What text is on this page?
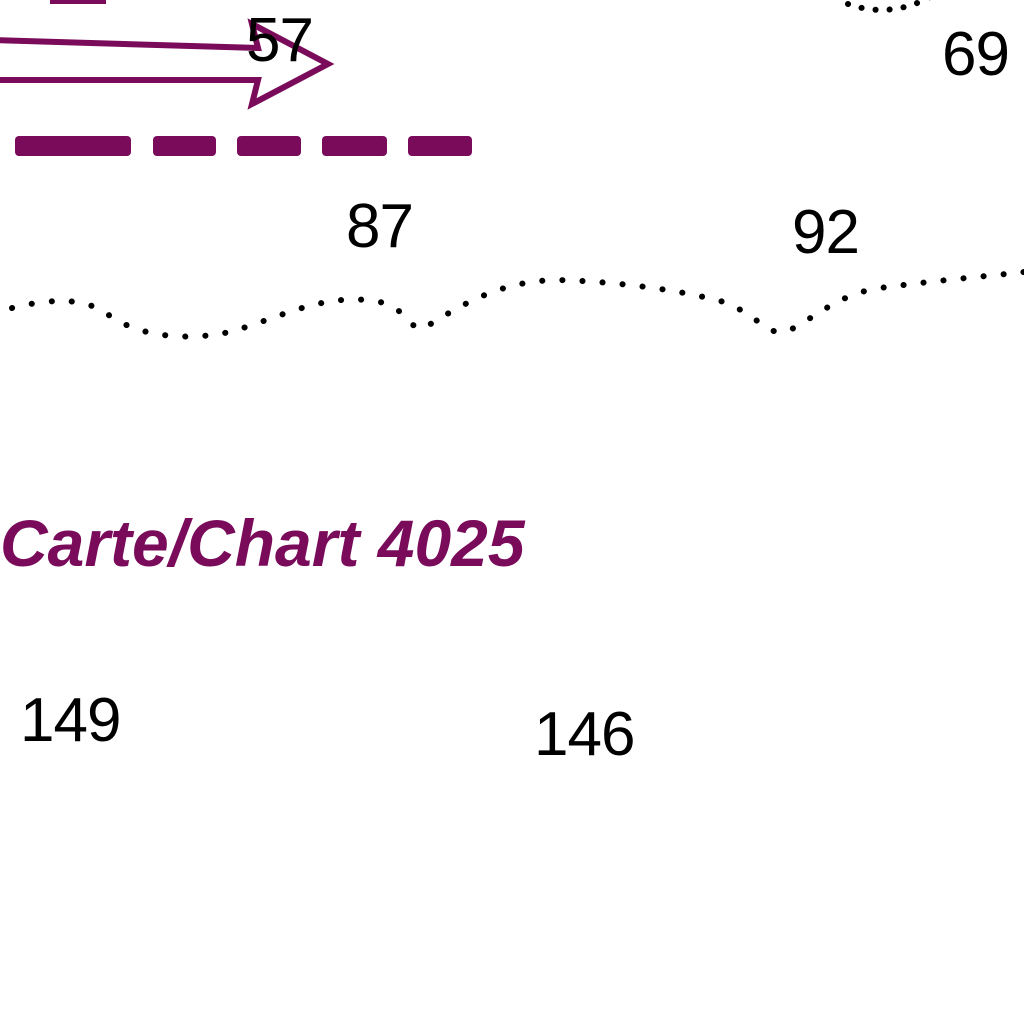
57	69
87	92
Carte/Chart 4025
149	146
